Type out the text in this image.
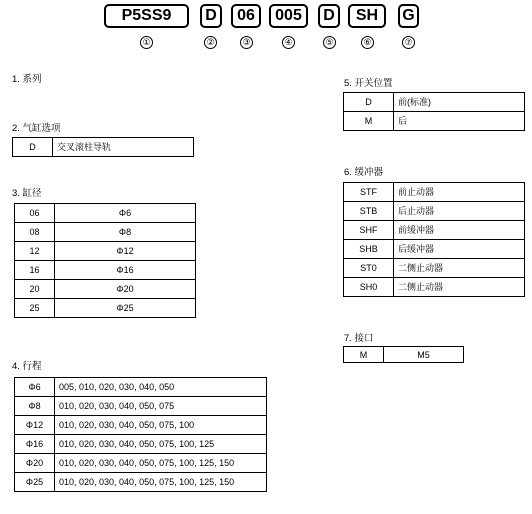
P5SS9	D	06	005	D	SH	G
①	②	③	④	⑤	⑥	⑦
1. 系列
2. 气缸选项
D	交叉滚柱导轨
3. 缸径
06	Φ6
08	Φ8
12	Φ12
16	Φ16
20	Φ20
25	Φ25
4. 行程
Φ6	005, 010, 020, 030, 040, 050
Φ8	010, 020, 030, 040, 050, 075
Φ12	010, 020, 030, 040, 050, 075, 100
Φ16	010, 020, 030, 040, 050, 075, 100, 125
Φ20	010, 020, 030, 040, 050, 075, 100, 125, 150
Φ25	010, 020, 030, 040, 050, 075, 100, 125, 150
5. 开关位置
D	前(标准)
M	后
6. 缓冲器
STF	前止动器
STB	后止动器
SHF	前缓冲器
SHB	后缓冲器
ST0	二侧止动器
SH0	二侧止动器
7. 接口
M	M5
